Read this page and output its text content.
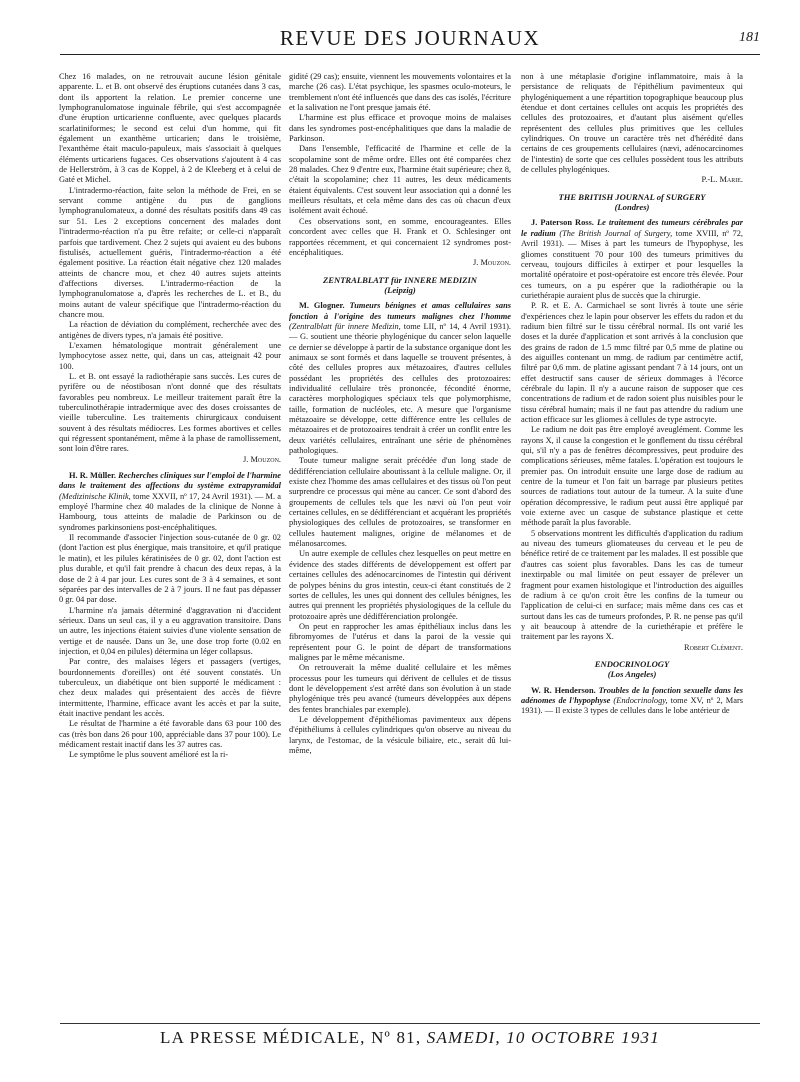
REVUE DES JOURNAUX	181

Chez 16 malades, on ne retrouvait aucune lésion génitale apparente. L. et B. ont observé des éruptions cutanées dans 3 cas, dont ils apportent la relation. Le premier concerne une lymphogranulomatose inguinale fébrile, qui s'est accompagnée d'une éruption urticarienne confluente, avec quelques placards scarlatiniformes; le second est celui d'un homme, qui fit également un exanthème urticarien; dans le troisième, l'exanthème était maculo-papuleux, mais s'associait à quelques éléments urticariens fugaces. Ces observations s'ajoutent à 4 cas de Hellerström, à 3 cas de Koppel, à 2 de Kleeberg et à celui de Gaté et Michel.

L'intradermo-réaction, faite selon la méthode de Frei, en se servant comme antigène du pus de ganglions lymphogranulomateux, a donné des résultats positifs dans 49 cas sur 51. Les 2 exceptions concernent des malades dont l'intradermo-réaction n'a pu être refaite; or celle-ci n'apparaît parfois que tardivement. Chez 2 sujets qui avaient eu des bubons fistulisés, actuellement guéris, l'intradermo-réaction a été également positive. La réaction était négative chez 120 malades atteints de chancre mou, et chez 40 autres sujets atteints d'affections diverses. L'intradermo-réaction de la lymphogranulomatose a, d'après les recherches de L. et B., du moins autant de valeur spécifique que l'intradermo-réaction du chancre mou.

La réaction de déviation du complément, recherchée avec des antigènes de divers types, n'a jamais été positive.

L'examen hématologique montrait généralement une lymphocytose assez nette, qui, dans un cas, atteignait 42 pour 100.

L. et B. ont essayé la radiothérapie sans succès. Les cures de pyrifère ou de néostibosan n'ont donné que des résultats favorables peu nombreux. Le meilleur traitement paraît être la tuberculinothérapie intradermique avec des doses croissantes de vieille tuberculine. Les traitements chirurgicaux conduisent souvent à des résultats médiocres. Les formes abortives et celles qui régressent spontanément, même à la phase de ramollissement, sont loin d'être rares.

J. Mouzon.

H. R. Müller. Recherches cliniques sur l'emploi de l'harmine dans le traitement des affections du système extrapyramidal (Medizinische Klinik, tome XXVII, nº 17, 24 Avril 1931). — M. a employé l'harmine chez 40 malades de la clinique de Nonne à Hambourg, tous atteints de maladie de Parkinson ou de syndromes parkinsoniens post-encéphalitiques.

Il recommande d'associer l'injection sous-cutanée de 0 gr. 02 (dont l'action est plus énergique, mais transitoire, et qu'il pratique le matin), et les pilules kératinisées de 0 gr. 02, dont l'action est plus durable, et qu'il fait prendre à chacun des deux repas, à la dose de 2 à 4 par jour. Les cures sont de 3 à 4 semaines, et sont séparées par des intervalles de 2 à 7 jours. Il ne faut pas dépasser 0 gr. 04 par dose.

L'harmine n'a jamais déterminé d'aggravation ni d'accident sérieux. Dans un seul cas, il y a eu aggravation transitoire. Dans un autre, les injections étaient suivies d'une violente sensation de vertige et de nausée. Dans un 3e, une dose trop forte (0.02 en injection, et 0,04 en pilules) détermina un léger collapsus.

Par contre, des malaises légers et passagers (vertiges, bourdonnements d'oreilles) ont été souvent constatés. Un tuberculeux, un diabétique ont bien supporté le médicament : chez deux malades qui présentaient des accès de fièvre intermittente, l'harmine, efficace avant les accès et par la suite, était inactive pendant les accès.

Le résultat de l'harmine a été favorable dans 63 pour 100 des cas (très bon dans 26 pour 100, appréciable dans 37 pour 100). Le médicament restait inactif dans les 37 autres cas.

Le symptôme le plus souvent amélioré est la ri-

gidité (29 cas); ensuite, viennent les mouvements volontaires et la marche (26 cas). L'état psychique, les spasmes oculo-moteurs, le tremblement n'ont été influencés que dans des cas isolés, l'écriture et la salivation ne l'ont presque jamais été.

L'harmine est plus efficace et provoque moins de malaises dans les syndromes post-encéphalitiques que dans la maladie de Parkinson.

Dans l'ensemble, l'efficacité de l'harmine et celle de la scopolamine sont de même ordre. Elles ont été comparées chez 28 malades. Chez 9 d'entre eux, l'harmine était supérieure; chez 8, c'était la scopolamine; chez 11 autres, les deux médicaments étaient équivalents. C'est souvent leur association qui a donné les meilleurs résultats, et cela même dans des cas où chacun d'eux isolément avait échoué.

Ces observations sont, en somme, encourageantes. Elles concordent avec celles que H. Frank et O. Schlesinger ont rapportées récemment, et qui concernaient 12 syndromes post-encéphalitiques.

J. Mouzon.
ZENTRALBLATT für INNERE MEDIZIN
(Leipzig)

M. Glogner. Tumeurs bénignes et amas cellulaires sans fonction à l'origine des tumeurs malignes chez l'homme (Zentralblatt für innere Medizin, tome LII, nº 14, 4 Avril 1931). — G. soutient une théorie phylogénique du cancer selon laquelle ce dernier se développe à partir de la substance organique dont les animaux se sont formés et dans laquelle se trouvent présentes, à côté des cellules propres aux métazoaires, d'autres cellules possédant les propriétés des cellules des protozoaires: individualité cellulaire très prononcée, fécondité énorme, caractères morphologiques spéciaux tels que polymorphisme, taille, formation de nucléoles, etc. A mesure que l'organisme métazoaire se développe, cette différence entre les cellules de métazoaires et de protozoaires tendrait à créer un conflit entre les deux variétés cellulaires, entraînant une série de phénomènes pathologiques.

Toute tumeur maligne serait précédée d'un long stade de dédifférenciation cellulaire aboutissant à la cellule maligne. Or, il existe chez l'homme des amas cellulaires et des tissus où l'on peut surprendre ce processus qui mène au cancer. Ce sont d'abord des groupements de cellules tels que les nævi où l'on peut voir certaines cellules, en se dédifférenciant et acquérant les propriétés physiologiques des cellules de protozoaires, se transformer en cellules hautement malignes, origine de mélanomes et de mélanosarcomes.

Un autre exemple de cellules chez lesquelles on peut mettre en évidence des stades différents de développement est offert par certaines cellules des adénocarcinomes de l'intestin qui dérivent de polypes bénins du gros intestin, ceux-ci étant constitués de 2 sortes de cellules, les unes qui donnent des cellules bénignes, les autres qui prennent les propriétés physiologiques de la cellule du protozoaire après une dédifférenciation prolongée.

On peut en rapprocher les amas épithéliaux inclus dans les fibromyomes de l'utérus et dans la paroi de la vessie qui représentent pour G. le point de départ de transformations malignes par le même mécanisme.

On retrouverait la même dualité cellulaire et les mêmes processus pour les tumeurs qui dérivent de cellules et de tissus dont le développement s'est arrêté dans son évolution à un stade phylogénique très peu avancé (tumeurs développées aux dépens des fentes branchiales par exemple).

Le développement d'épithéliomas pavimenteux aux dépens d'épithéliums à cellules cylindriques qu'on observe au niveau du larynx, de l'estomac, de la vésicule biliaire, etc., serait dû lui-même,

non à une métaplasie d'origine inflammatoire, mais à la persistance de reliquats de l'épithélium pavimenteux qui phylogéniquement a une répartition topographique beaucoup plus étendue et dont certaines cellules ont acquis les propriétés des cellules des protozoaires, et d'autant plus aisément qu'elles représentent des cellules plus primitives que les cellules cylindriques. On trouve un caractère très net d'hérédité dans certains de ces groupements cellulaires (nævi, adénocarcinomes de l'intestin) de sorte que ces cellules possèdent tous les attributs de cellules phylogéniques.

P.-L. Marie.
THE BRITISH JOURNAL of SURGERY
(Londres)

J. Paterson Ross. Le traitement des tumeurs cérébrales par le radium (The British Journal of Surgery, tome XVIII, nº 72, Avril 1931). — Mises à part les tumeurs de l'hypophyse, les gliomes constituent 70 pour 100 des tumeurs primitives du cerveau, toujours difficiles à extirper et pour lesquelles la mortalité opératoire et post-opératoire est encore très élevée. Pour ces tumeurs, on a pu espérer que la radiothérapie ou la curiethérapie auraient plus de succès que la chirurgie.

P. R. et E. A. Carmichael se sont livrés à toute une série d'expériences chez le lapin pour observer les effets du radon et du radium bien filtré sur le tissu cérébral normal. Ils ont varié les doses et la durée d'application et sont arrivés à la conclusion que des grains de radon de 1.5 mmc filtré par 0,5 mme de platine ou des aiguilles contenant un mmg. de radium par centimètre actif, filtré par 0,6 mm. de platine agissant pendant 7 à 14 jours, ont un effet destructif sans causer de sérieux dommages à l'écorce cérébrale du lapin. Il n'y a aucune raison de supposer que ces concentrations de radium et de radon soient plus nuisibles pour le tissu cérébral humain; mais il ne faut pas attendre du radium une action efficace sur les gliomes à cellules de type astrocyte.

Le radium ne doit pas être employé aveuglément. Comme les rayons X, il cause la congestion et le gonflement du tissu cérébral qui, s'il n'y a pas de fenêtres décompressives, peut produire des complications sérieuses, même fatales. L'opération est toujours le premier pas. On introduit ensuite une large dose de radium au centre de la tumeur et l'on fait un barrage par plusieurs petites sources de radiations tout autour de la tumeur. A la suite d'une opération décompressive, le radium peut aussi être appliqué par voie externe avec un casque de substance plastique et cette méthode paraît la plus favorable.

5 observations montrent les difficultés d'application du radium au niveau des tumeurs gliomateuses du cerveau et le peu de bénéfice retiré de ce traitement par les malades. Il est possible que d'autres cas soient plus favorables. Dans les cas de tumeur inextirpable ou mal limitée on peut essayer de prélever un fragment pour examen histologique et l'introduction des aiguilles de radium à ce qu'on croit être les confins de la tumeur ou l'application de celui-ci en surface; mais même dans ces cas et surtout dans les cas de tumeurs profondes, P. R. ne pense pas qu'il y ait beaucoup à attendre de la curiethérapie et préfère le traitement par les rayons X.

Robert Clément.
ENDOCRINOLOGY
(Los Angeles)

W. R. Henderson. Troubles de la fonction sexuelle dans les adénomes de l'hypophyse (Endocrinology, tome XV, nº 2, Mars 1931). — Il existe 3 types de cellules dans le lobe antérieur de

LA PRESSE MÉDICALE, Nº 81, SAMEDI, 10 OCTOBRE 1931
